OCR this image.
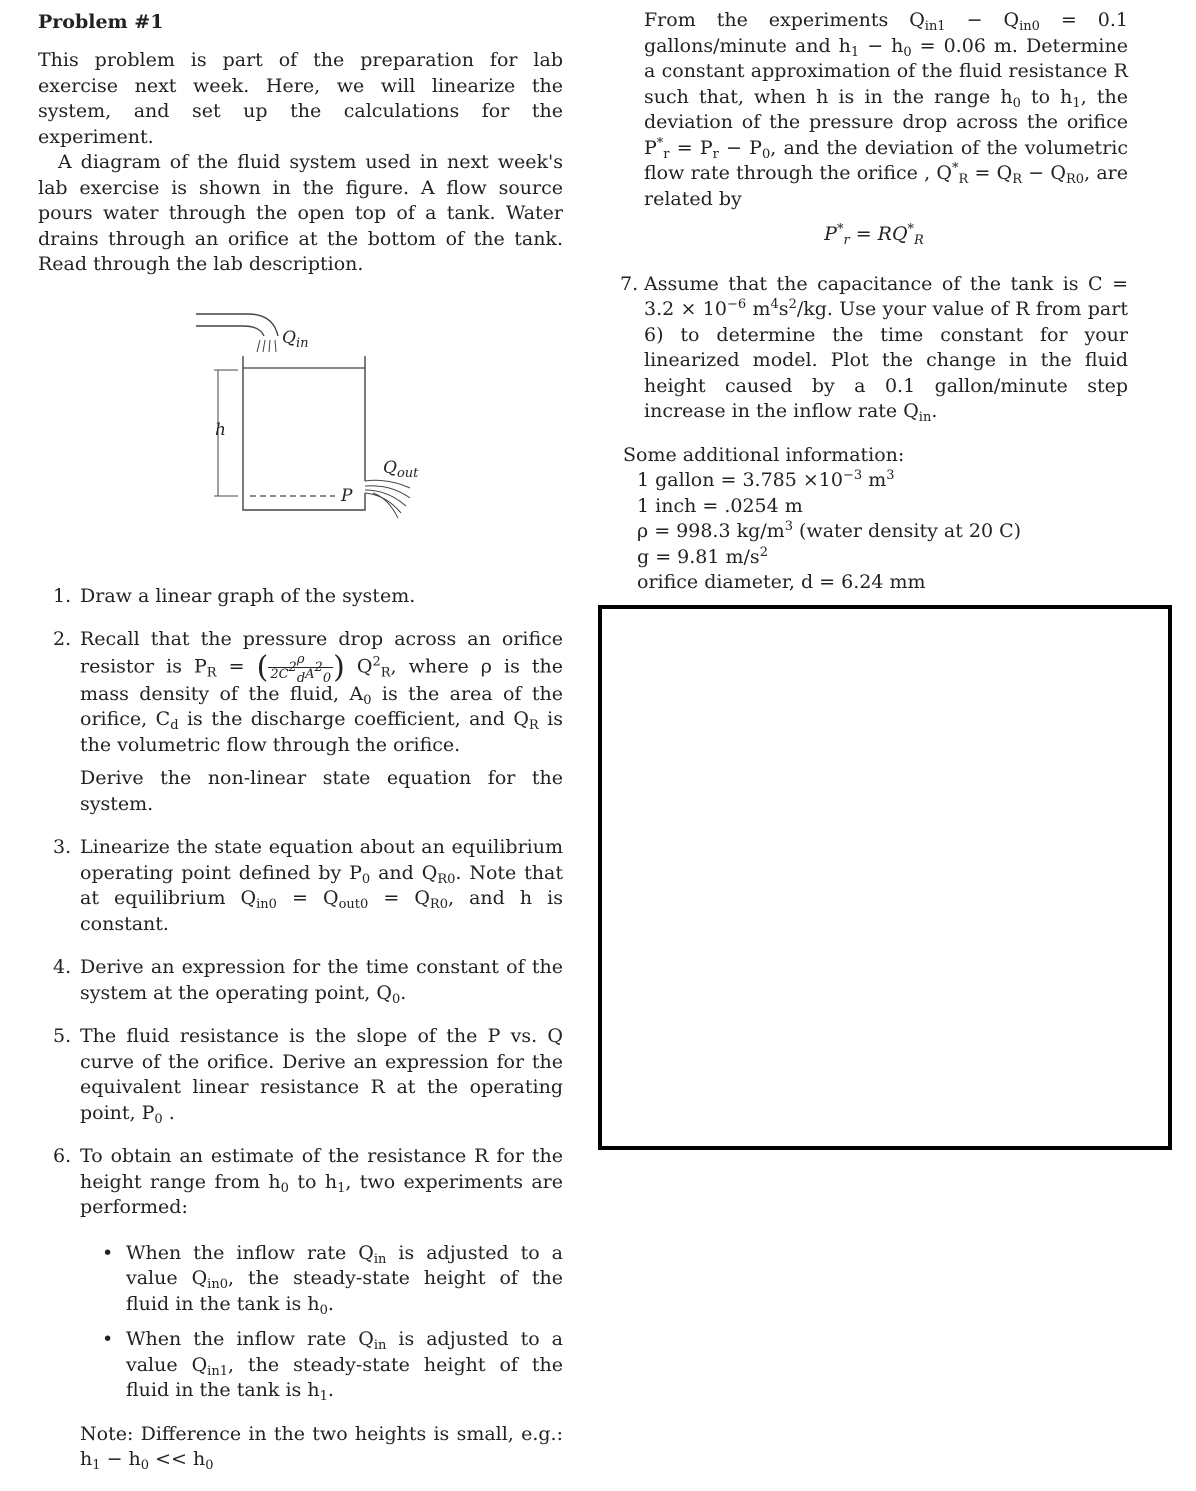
Problem #1

This problem is part of the preparation for lab exercise next week. Here, we will linearize the system, and set up the calculations for the experiment.

A diagram of the fluid system used in next week's lab exercise is shown in the figure. A flow source pours water through the open top of a tank. Water drains through an orifice at the bottom of the tank. Read through the lab description.

$Q_{in}$
$Q_{out}$
h
P
1. Draw a linear graph of the system.
2. Recall that the pressure drop across an orifice resistor is $P_R$ = ( $\frac{\rho}{2C^2_dA^2_0}$ ) $Q^2_R$, where ρ is the mass density of the fluid, $A_0$ is the area of the orifice, $C_d$ is the discharge coefficient, and $Q_R$ is the volumetric flow through the orifice.
Derive the non-linear state equation for the system.
3. Linearize the state equation about an equilibrium operating point defined by $P_0$ and $Q_{R0}$. Note that at equilibrium $Q_{in0} = Q_{out0} = Q_{R0}$, and h is constant.
4. Derive an expression for the time constant of the system at the operating point, $Q_0$.
5. The fluid resistance is the slope of the P vs. Q curve of the orifice. Derive an expression for the equivalent linear resistance R at the operating point, $P_0$ .
6. To obtain an estimate of the resistance R for the height range from $h_0$ to $h_1$, two experiments are performed:
• When the inflow rate $Q_{in}$ is adjusted to a value $Q_{in0}$, the steady-state height of the fluid in the tank is $h_0$.
• When the inflow rate $Q_{in}$ is adjusted to a value $Q_{in1}$, the steady-state height of the fluid in the tank is $h_1$.
Note: Difference in the two heights is small, e.g.: $h_1 - h_0 << h_0$

From the experiments $Q_{in1} - Q_{in0} = 0.1$ gallons/minute and $h_1 - h_0 = 0.06$ m. Determine a constant approximation of the fluid resistance R such that, when h is in the range $h_0$ to $h_1$, the deviation of the pressure drop across the orifice $P^*_r = P_r - P_0$, and the deviation of the volumetric flow rate through the orifice , $Q^*_R = Q_R - Q_{R0}$, are related by

$P^*_r = RQ^*_R$
7. Assume that the capacitance of the tank is $C = 3.2 \times 10^{-6}$ $m^4s^2/kg$. Use your value of R from part 6) to determine the time constant for your linearized model. Plot the change in the fluid height caused by a 0.1 gallon/minute step increase in the inflow rate $Q_{in}$.
Some additional information:
1 gallon = $3.785 \times 10^{-3}$ $m^3$
1 inch = .0254 m
ρ = 998.3 $kg/m^3$ (water density at 20 C)
g = 9.81 $m/s^2$
orifice diameter, d = 6.24 mm
